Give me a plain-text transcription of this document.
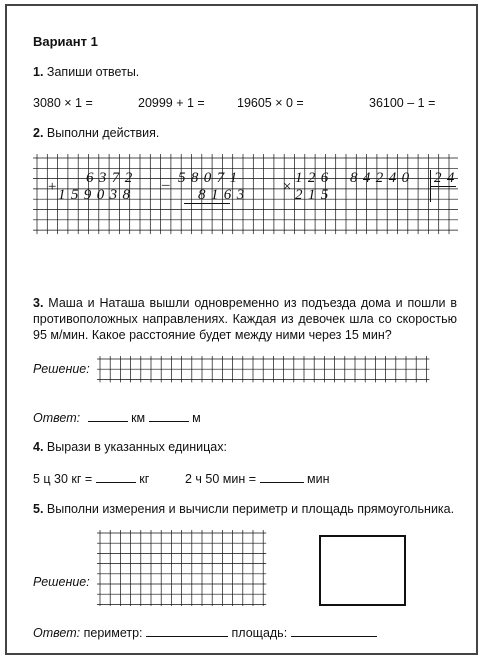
Вариант 1
1. Запиши ответы.
3080 × 1 =	20999 + 1 =	19605 × 0 =	36100 – 1 =
2. Выполни действия.
+
6372
159038
– 58071
8163 ×
126
215
84240 24
3. Маша и Наташа вышли одновременно из подъезда дома и пошли в противоположных направлениях. Каждая из девочек шла со скоростью 95 м/мин. Какое расстояние будет между ними через 15 мин?
Решение:
Ответ:	км	м
4. Вырази в указанных единицах:
5 ц 30 кг =	кг	2 ч 50 мин =	мин
5. Выполни измерения и вычисли периметр и площадь прямоугольника.
Решение:
Ответ: периметр:	площадь:
